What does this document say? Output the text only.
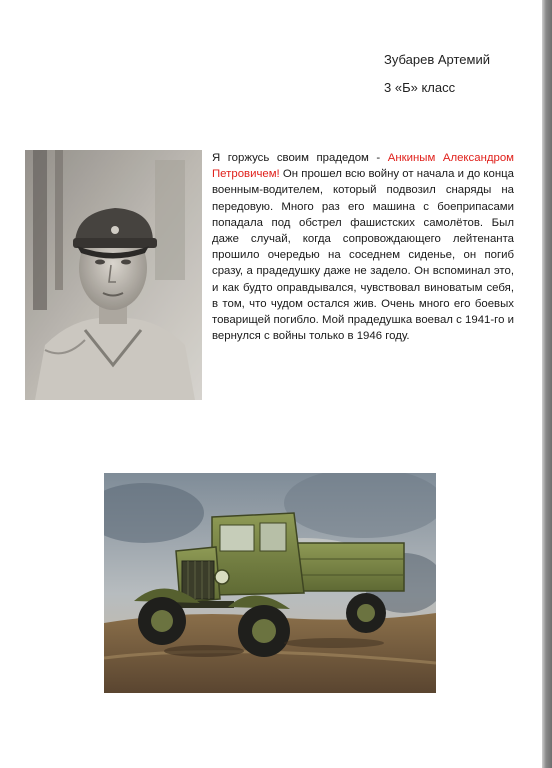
Зубарев Артемий
3 «Б» класс
Я горжусь своим прадедом - Анкиным Александром Петровичем! Он прошел всю войну от начала и до конца военным-водителем, который подвозил снаряды на передовую. Много раз его машина с боеприпасами попадала под обстрел фашистских самолётов. Был даже случай, когда сопровождающего лейтенанта прошило очередью на соседнем сиденье, он погиб сразу, а прадедушку даже не задело. Он вспоминал это, и как будто оправдывался, чувствовал виноватым себя, в том, что чудом остался жив. Очень много его боевых товарищей погибло. Мой прадедушка воевал с 1941-го и вернулся с войны только в 1946 году.
